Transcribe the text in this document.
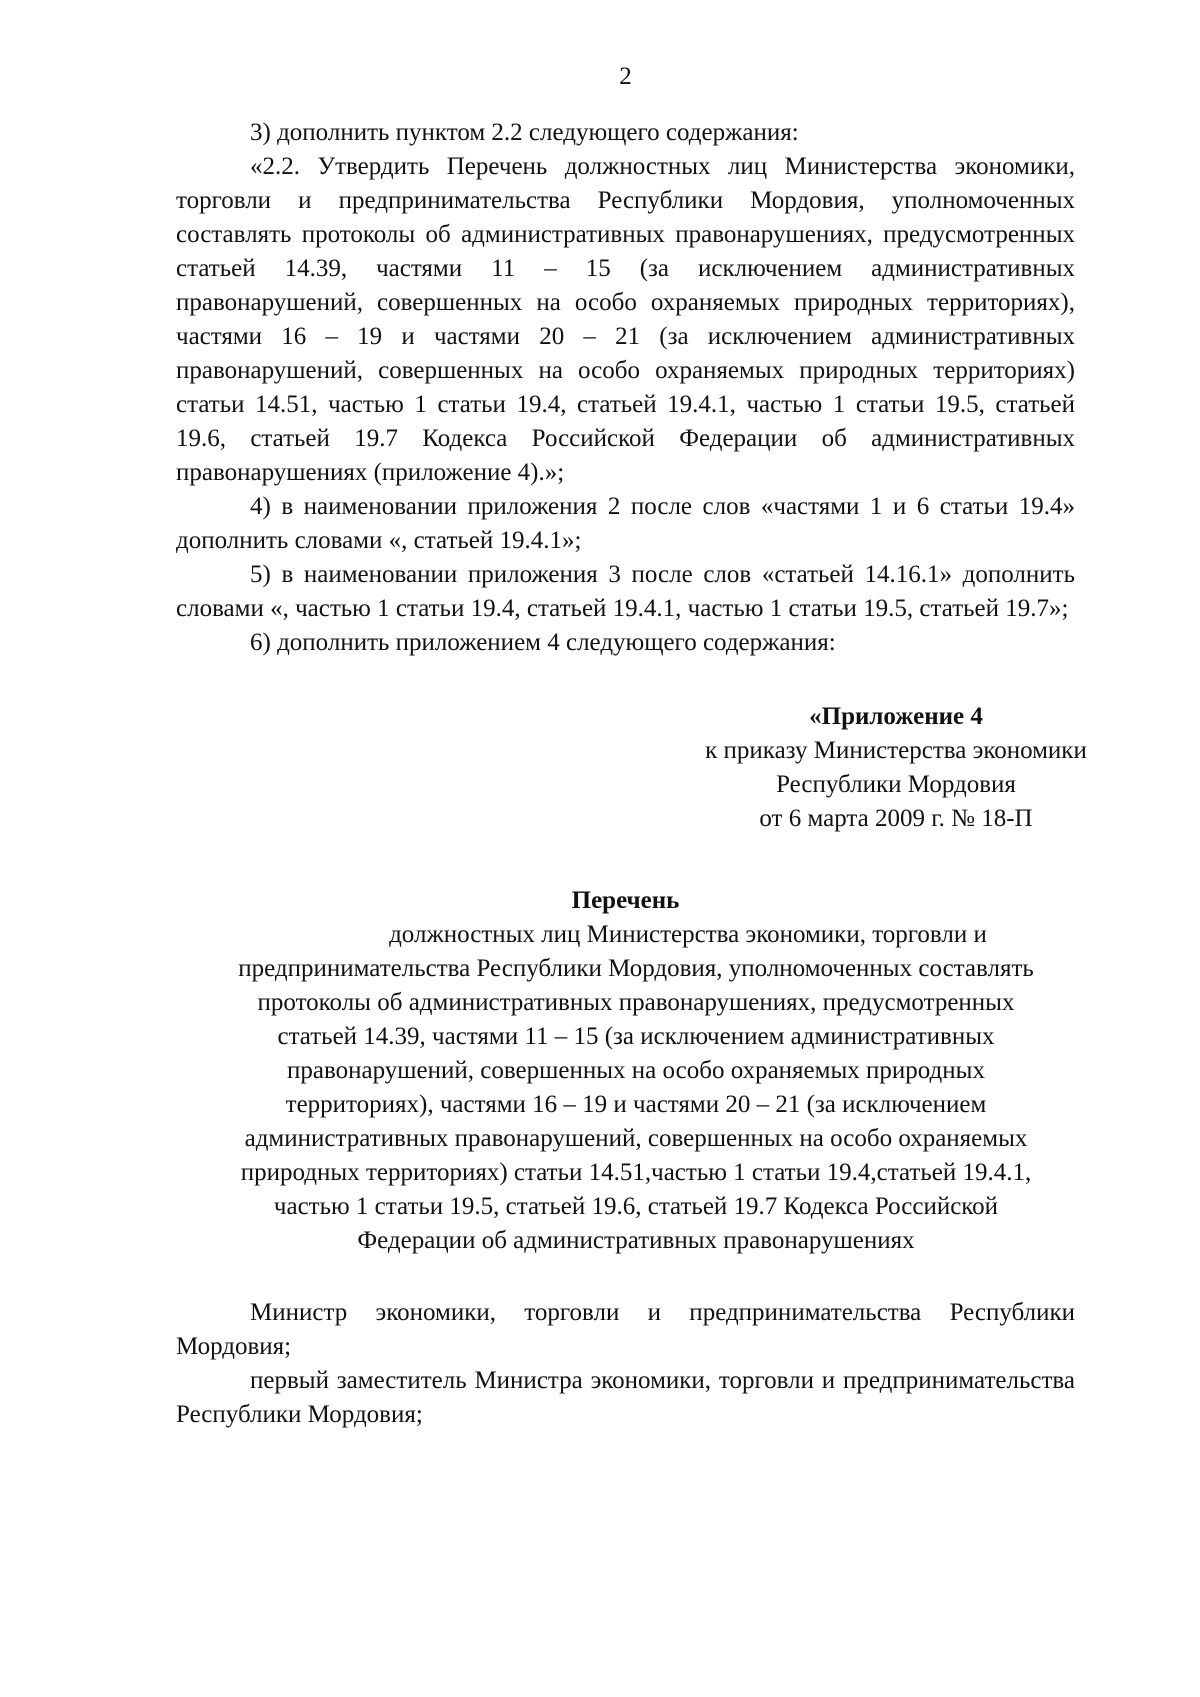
2

3) дополнить пунктом 2.2 следующего содержания:

«2.2. Утвердить Перечень должностных лиц Министерства экономики, торговли и предпринимательства Республики Мордовия, уполномоченных составлять протоколы об административных правонарушениях, предусмотренных статьей 14.39, частями 11 – 15 (за исключением административных правонарушений, совершенных на особо охраняемых природных территориях), частями 16 – 19 и частями 20 – 21 (за исключением административных правонарушений, совершенных на особо охраняемых природных территориях) статьи 14.51, частью 1 статьи 19.4, статьей 19.4.1, частью 1 статьи 19.5, статьей 19.6, статьей 19.7 Кодекса Российской Федерации об административных правонарушениях (приложение 4).»;

4) в наименовании приложения 2 после слов «частями 1 и 6 статьи 19.4» дополнить словами «, статьей 19.4.1»;

5) в наименовании приложения 3 после слов «статьей 14.16.1» дополнить словами «, частью 1 статьи 19.4, статьей 19.4.1, частью 1 статьи 19.5, статьей 19.7»;

6) дополнить приложением 4 следующего содержания:

«Приложение 4
к приказу Министерства экономики
Республики Мордовия
от 6 марта 2009 г. № 18-П
Перечень
должностных лиц Министерства экономики, торговли и
предпринимательства Республики Мордовия, уполномоченных составлять
протоколы об административных правонарушениях, предусмотренных
статьей 14.39, частями 11 – 15 (за исключением административных
правонарушений, совершенных на особо охраняемых природных
территориях), частями 16 – 19 и частями 20 – 21 (за исключением
административных правонарушений, совершенных на особо охраняемых
природных территориях) статьи 14.51,частью 1 статьи 19.4,статьей 19.4.1,
частью 1 статьи 19.5, статьей 19.6, статьей 19.7 Кодекса Российской
Федерации об административных правонарушениях

Министр экономики, торговли и предпринимательства Республики Мордовия;

первый заместитель Министра экономики, торговли и предпринимательства Республики Мордовия;
